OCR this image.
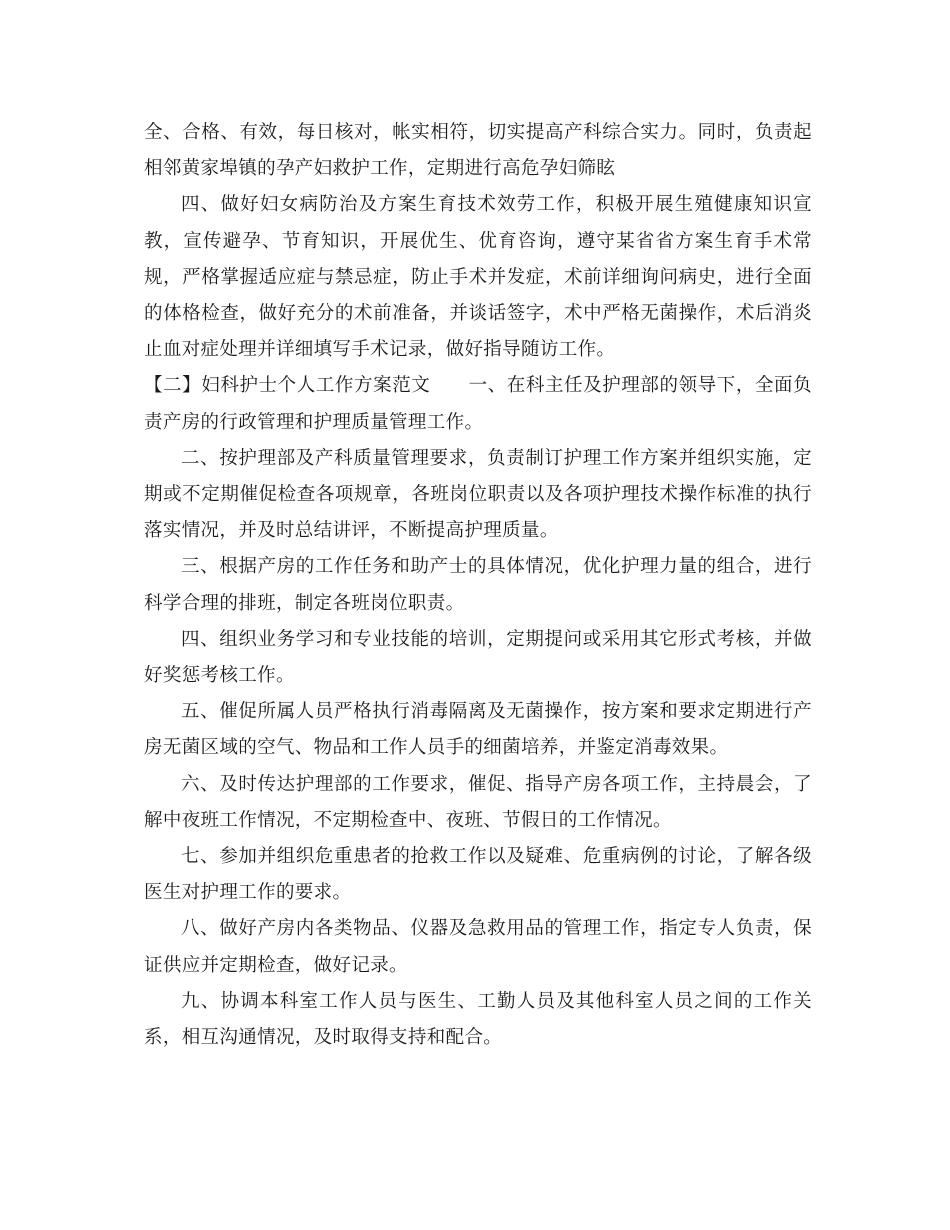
全、合格、有效，每日核对，帐实相符，切实提高产科综合实力。同时，负责起相邻黄家埠镇的孕产妇救护工作，定期进行高危孕妇筛眩

四、做好妇女病防治及方案生育技术效劳工作，积极开展生殖健康知识宣教，宣传避孕、节育知识，开展优生、优育咨询，遵守某省省方案生育手术常规，严格掌握适应症与禁忌症，防止手术并发症，术前详细询问病史，进行全面的体格检查，做好充分的术前准备，并谈话签字，术中严格无菌操作，术后消炎止血对症处理并详细填写手术记录，做好指导随访工作。

【二】妇科护士个人工作方案范文　　一、在科主任及护理部的领导下，全面负责产房的行政管理和护理质量管理工作。

二、按护理部及产科质量管理要求，负责制订护理工作方案并组织实施，定期或不定期催促检查各项规章，各班岗位职责以及各项护理技术操作标准的执行落实情况，并及时总结讲评，不断提高护理质量。

三、根据产房的工作任务和助产士的具体情况，优化护理力量的组合，进行科学合理的排班，制定各班岗位职责。

四、组织业务学习和专业技能的培训，定期提问或采用其它形式考核，并做好奖惩考核工作。

五、催促所属人员严格执行消毒隔离及无菌操作，按方案和要求定期进行产房无菌区域的空气、物品和工作人员手的细菌培养，并鉴定消毒效果。

六、及时传达护理部的工作要求，催促、指导产房各项工作，主持晨会，了解中夜班工作情况，不定期检查中、夜班、节假日的工作情况。

七、参加并组织危重患者的抢救工作以及疑难、危重病例的讨论，了解各级医生对护理工作的要求。

八、做好产房内各类物品、仪器及急救用品的管理工作，指定专人负责，保证供应并定期检查，做好记录。

九、协调本科室工作人员与医生、工勤人员及其他科室人员之间的工作关系，相互沟通情况，及时取得支持和配合。
